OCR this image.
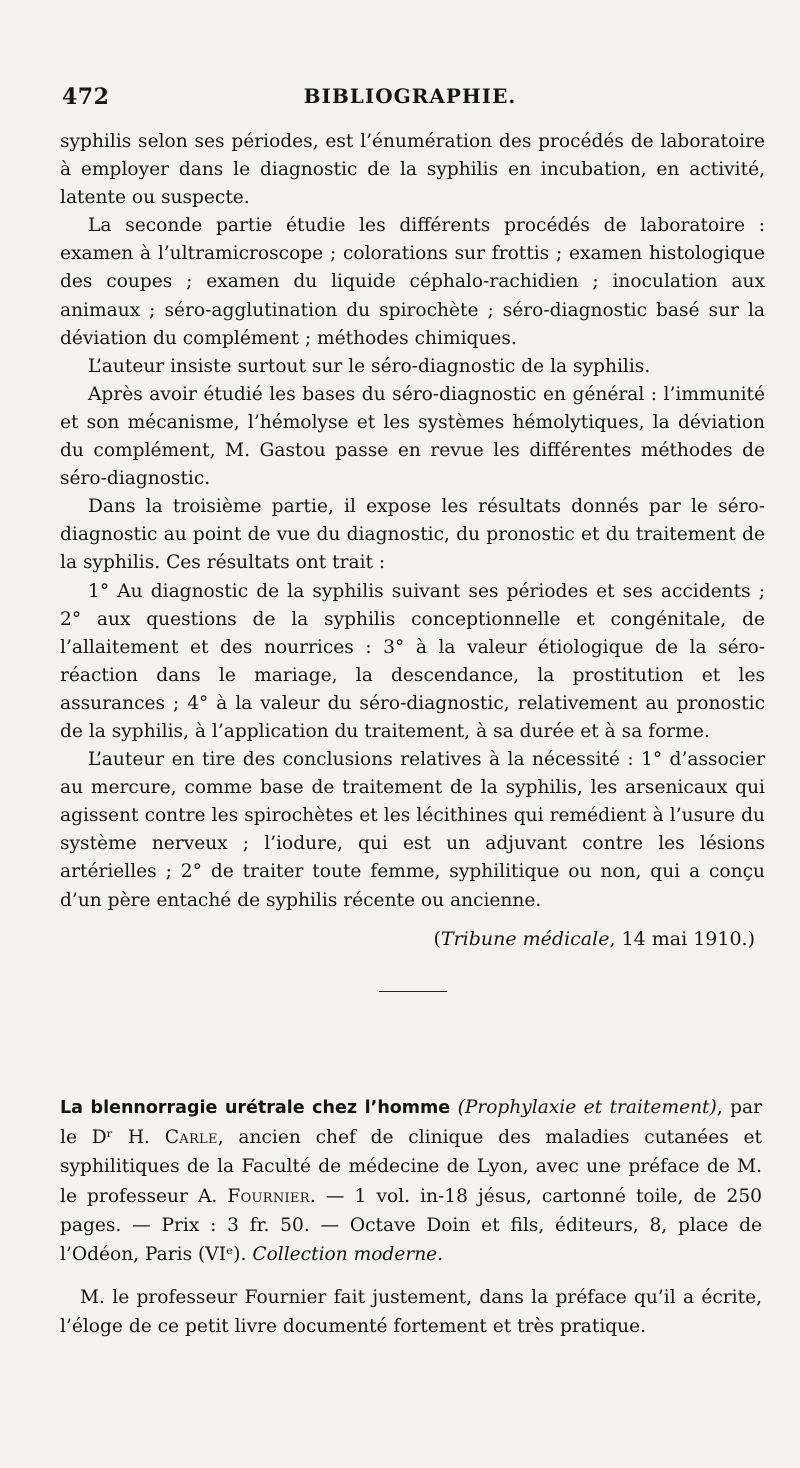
472	BIBLIOGRAPHIE.

syphilis selon ses périodes, est l’énumération des procédés de laboratoire à employer dans le diagnostic de la syphilis en incubation, en activité, latente ou suspecte.

La seconde partie étudie les différents procédés de laboratoire : examen à l’ultramicroscope ; colorations sur frottis ; examen histologique des coupes ; examen du liquide céphalo-rachidien ; inoculation aux animaux ; séro-agglutination du spirochète ; séro-diagnostic basé sur la déviation du complément ; méthodes chimiques.

L’auteur insiste surtout sur le séro-diagnostic de la syphilis.

Après avoir étudié les bases du séro-diagnostic en général : l’immunité et son mécanisme, l’hémolyse et les systèmes hémolytiques, la déviation du complément, M. Gastou passe en revue les différentes méthodes de séro-diagnostic.

Dans la troisième partie, il expose les résultats donnés par le séro-diagnostic au point de vue du diagnostic, du pronostic et du traitement de la syphilis. Ces résultats ont trait :

1° Au diagnostic de la syphilis suivant ses périodes et ses accidents ; 2° aux questions de la syphilis conceptionnelle et congénitale, de l’allaitement et des nourrices : 3° à la valeur étiologique de la séro-réaction dans le mariage, la descendance, la prostitution et les assurances ; 4° à la valeur du séro-diagnostic, relativement au pronostic de la syphilis, à l’application du traitement, à sa durée et à sa forme.

L’auteur en tire des conclusions relatives à la nécessité : 1° d’associer au mercure, comme base de traitement de la syphilis, les arsenicaux qui agissent contre les spirochètes et les lécithines qui remédient à l’usure du système nerveux ; l’iodure, qui est un adjuvant contre les lésions artérielles ; 2° de traiter toute femme, syphilitique ou non, qui a conçu d’un père entaché de syphilis récente ou ancienne.

(Tribune médicale, 14 mai 1910.)

La blennorragie urétrale chez l’homme (Prophylaxie et traitement), par le Dʳ H. Carle, ancien chef de clinique des maladies cutanées et syphilitiques de la Faculté de médecine de Lyon, avec une préface de M. le professeur A. Fournier. — 1 vol. in-18 jésus, cartonné toile, de 250 pages. — Prix : 3 fr. 50. — Octave Doin et fils, éditeurs, 8, place de l’Odéon, Paris (VIᵉ). Collection moderne.

M. le professeur Fournier fait justement, dans la préface qu’il a écrite, l’éloge de ce petit livre documenté fortement et très pratique.
